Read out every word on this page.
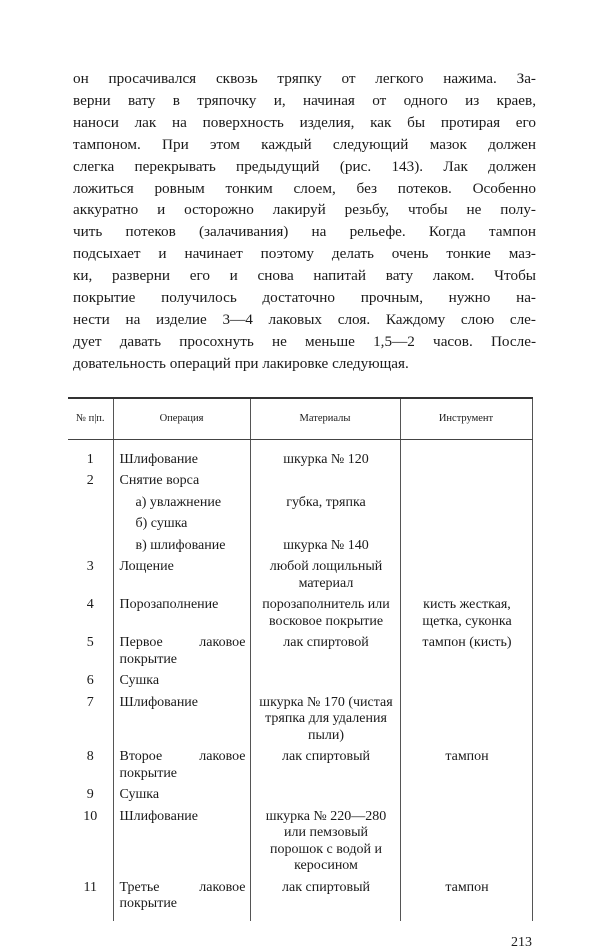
он просачивался сквозь тряпку от легкого нажима. За-
верни вату в тряпочку и, начиная от одного из краев,
наноси лак на поверхность изделия, как бы протирая его
тампоном. При этом каждый следующий мазок должен
слегка перекрывать предыдущий (рис. 143). Лак должен
ложиться ровным тонким слоем, без потеков. Особенно
аккуратно и осторожно лакируй резьбу, чтобы не полу-
чить потеков (залачивания) на рельефе. Когда тампон
подсыхает и начинает поэтому делать очень тонкие маз-
ки, разверни его и снова напитай вату лаком. Чтобы
покрытие получилось достаточно прочным, нужно на-
нести на изделие 3—4 лаковых слоя. Каждому слою сле-
дует давать просохнуть не меньше 1,5—2 часов. После-
довательность операций при лакировке следующая.
№ п|п.	Операция	Материалы	Инструмент
1	Шлифование	шкурка № 120	
2	Снятие ворса		
	а) увлажнение	губка, тряпка	
	б) сушка		
	в) шлифование	шкурка № 140	
3	Лощение	любой лощильный материал	
4	Порозаполнение	порозаполнитель или восковое покрытие	кисть жесткая, щетка, суконка
5	Первое лаковое покрытие	лак спиртовой	тампон (кисть)
6	Сушка		
7	Шлифование	шкурка № 170 (чистая тряпка для удаления пыли)	
8	Второе лаковое покрытие	лак спиртовый	тампон
9	Сушка		
10	Шлифование	шкурка № 220—280 или пемзовый порошок с водой и керосином	
11	Третье лаковое покрытие	лак спиртовый	тампон
213
